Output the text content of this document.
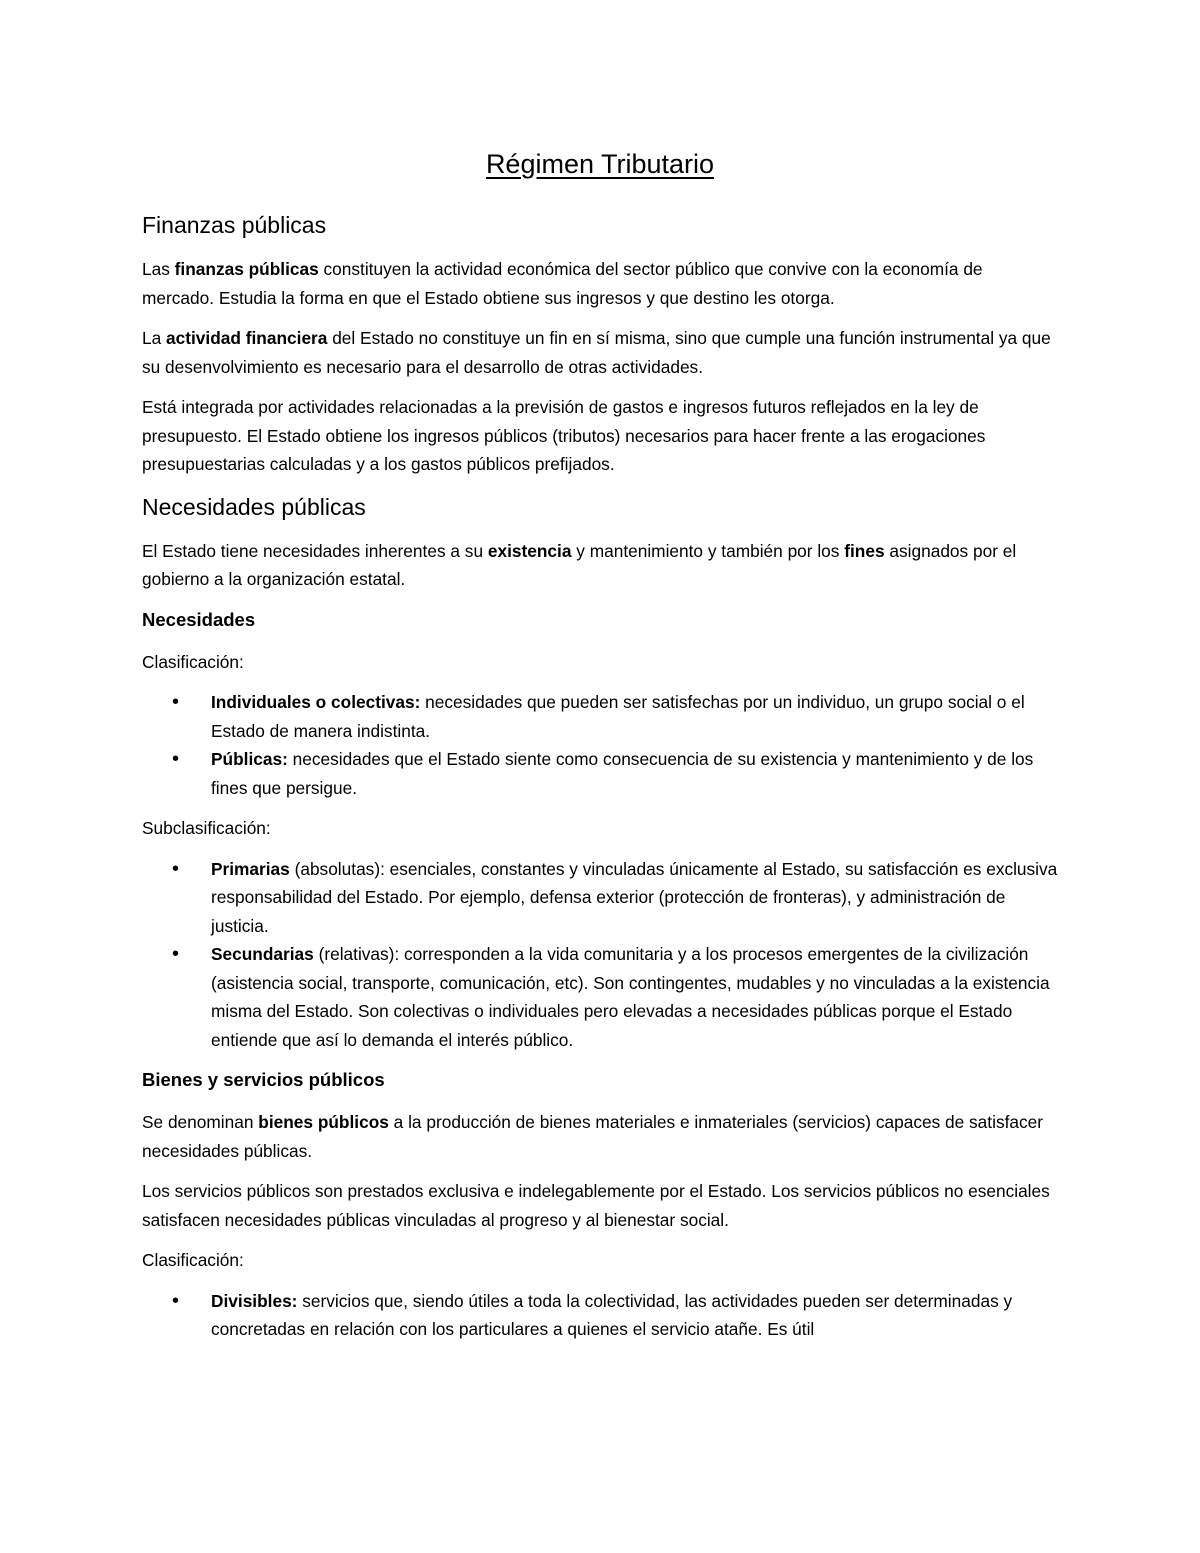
Régimen Tributario
Finanzas públicas

Las finanzas públicas constituyen la actividad económica del sector público que convive con la economía de mercado. Estudia la forma en que el Estado obtiene sus ingresos y que destino les otorga.

La actividad financiera del Estado no constituye un fin en sí misma, sino que cumple una función instrumental ya que su desenvolvimiento es necesario para el desarrollo de otras actividades.

Está integrada por actividades relacionadas a la previsión de gastos e ingresos futuros reflejados en la ley de presupuesto. El Estado obtiene los ingresos públicos (tributos) necesarios para hacer frente a las erogaciones presupuestarias calculadas y a los gastos públicos prefijados.

Necesidades públicas

El Estado tiene necesidades inherentes a su existencia y mantenimiento y también por los fines asignados por el gobierno a la organización estatal.

Necesidades

Clasificación:

• Individuales o colectivas: necesidades que pueden ser satisfechas por un individuo, un grupo social o el Estado de manera indistinta.
• Públicas: necesidades que el Estado siente como consecuencia de su existencia y mantenimiento y de los fines que persigue.

Subclasificación:

• Primarias (absolutas): esenciales, constantes y vinculadas únicamente al Estado, su satisfacción es exclusiva responsabilidad del Estado. Por ejemplo, defensa exterior (protección de fronteras), y administración de justicia.
• Secundarias (relativas): corresponden a la vida comunitaria y a los procesos emergentes de la civilización (asistencia social, transporte, comunicación, etc). Son contingentes, mudables y no vinculadas a la existencia misma del Estado. Son colectivas o individuales pero elevadas a necesidades públicas porque el Estado entiende que así lo demanda el interés público.
Bienes y servicios públicos

Se denominan bienes públicos a la producción de bienes materiales e inmateriales (servicios) capaces de satisfacer necesidades públicas.

Los servicios públicos son prestados exclusiva e indelegablemente por el Estado. Los servicios públicos no esenciales satisfacen necesidades públicas vinculadas al progreso y al bienestar social.

Clasificación:

• Divisibles: servicios que, siendo útiles a toda la colectividad, las actividades pueden ser determinadas y concretadas en relación con los particulares a quienes el servicio atañe. Es útil
